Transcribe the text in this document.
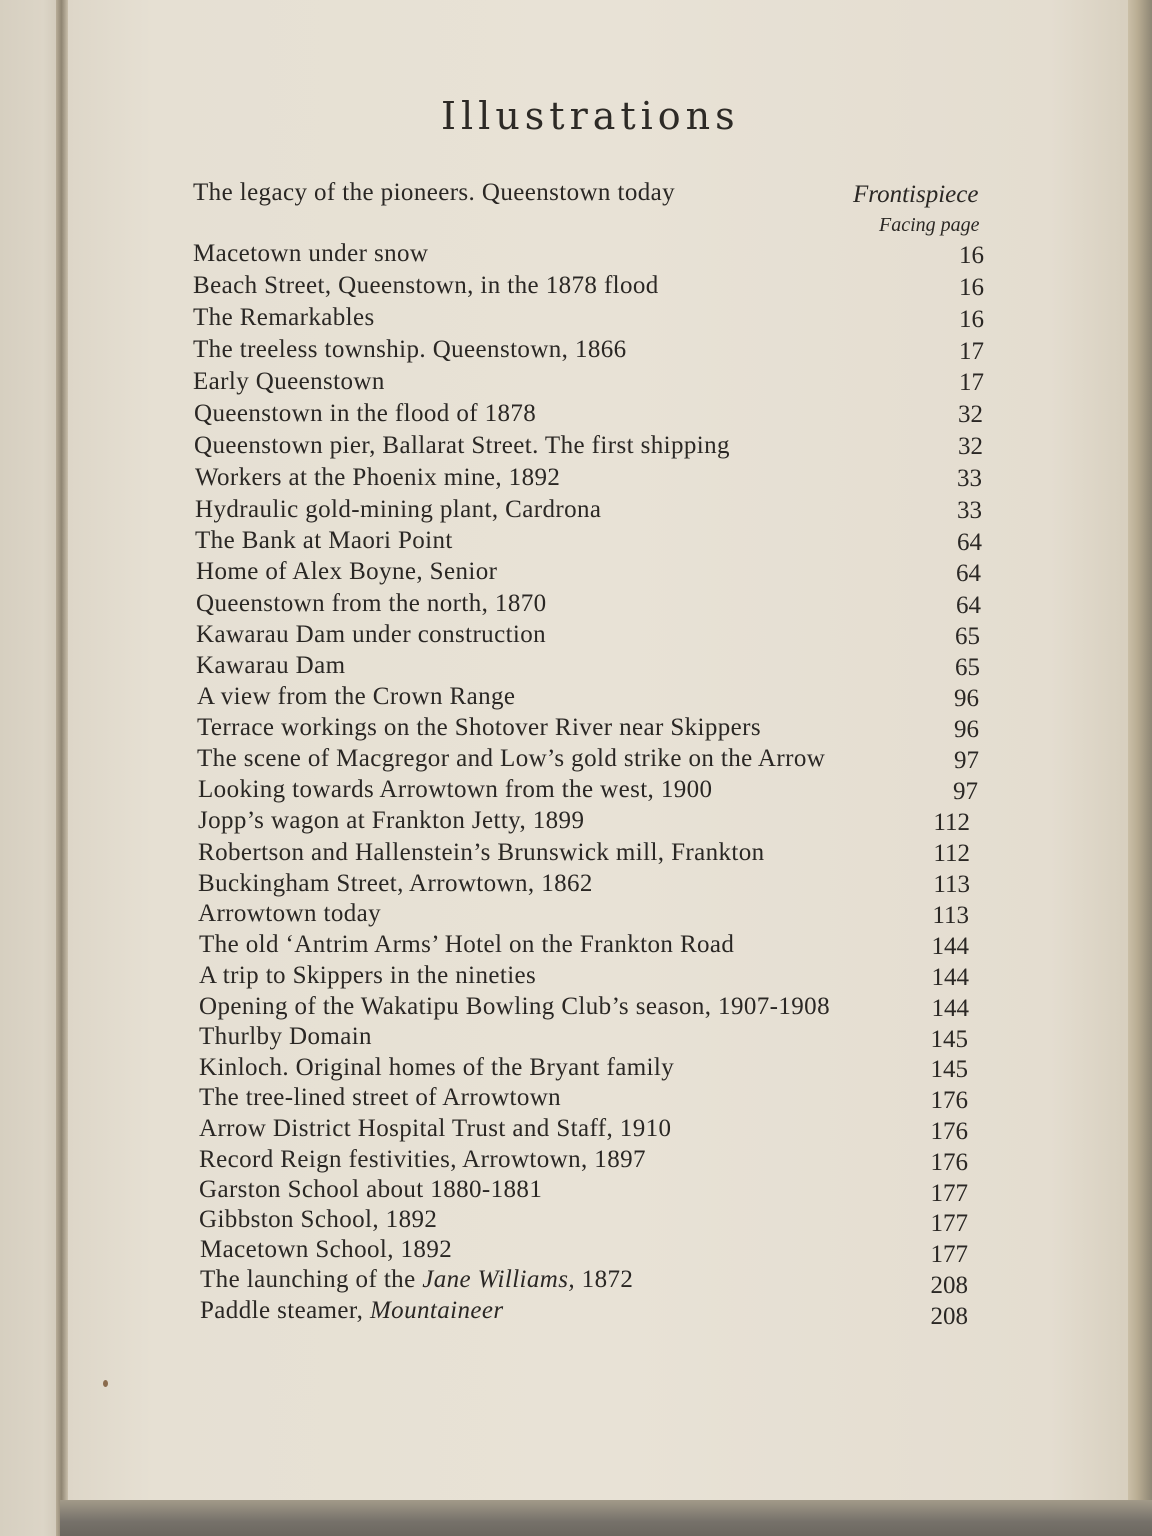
Illustrations
The legacy of the pioneers. Queenstown today	Frontispiece
Facing page
Macetown under snow	16
Beach Street, Queenstown, in the 1878 flood	16
The Remarkables	16
The treeless township. Queenstown, 1866	17
Early Queenstown	17
Queenstown in the flood of 1878	32
Queenstown pier, Ballarat Street. The first shipping	32
Workers at the Phoenix mine, 1892	33
Hydraulic gold-mining plant, Cardrona	33
The Bank at Maori Point	64
Home of Alex Boyne, Senior	64
Queenstown from the north, 1870	64
Kawarau Dam under construction	65
Kawarau Dam	65
A view from the Crown Range	96
Terrace workings on the Shotover River near Skippers	96
The scene of Macgregor and Low’s gold strike on the Arrow	97
Looking towards Arrowtown from the west, 1900	97
Jopp’s wagon at Frankton Jetty, 1899	112
Robertson and Hallenstein’s Brunswick mill, Frankton	112
Buckingham Street, Arrowtown, 1862	113
Arrowtown today	113
The old ‘Antrim Arms’ Hotel on the Frankton Road	144
A trip to Skippers in the nineties	144
Opening of the Wakatipu Bowling Club’s season, 1907-1908	144
Thurlby Domain	145
Kinloch. Original homes of the Bryant family	145
The tree-lined street of Arrowtown	176
Arrow District Hospital Trust and Staff, 1910	176
Record Reign festivities, Arrowtown, 1897	176
Garston School about 1880-1881	177
Gibbston School, 1892	177
Macetown School, 1892	177
The launching of the Jane Williams, 1872	208
Paddle steamer, Mountaineer	208
